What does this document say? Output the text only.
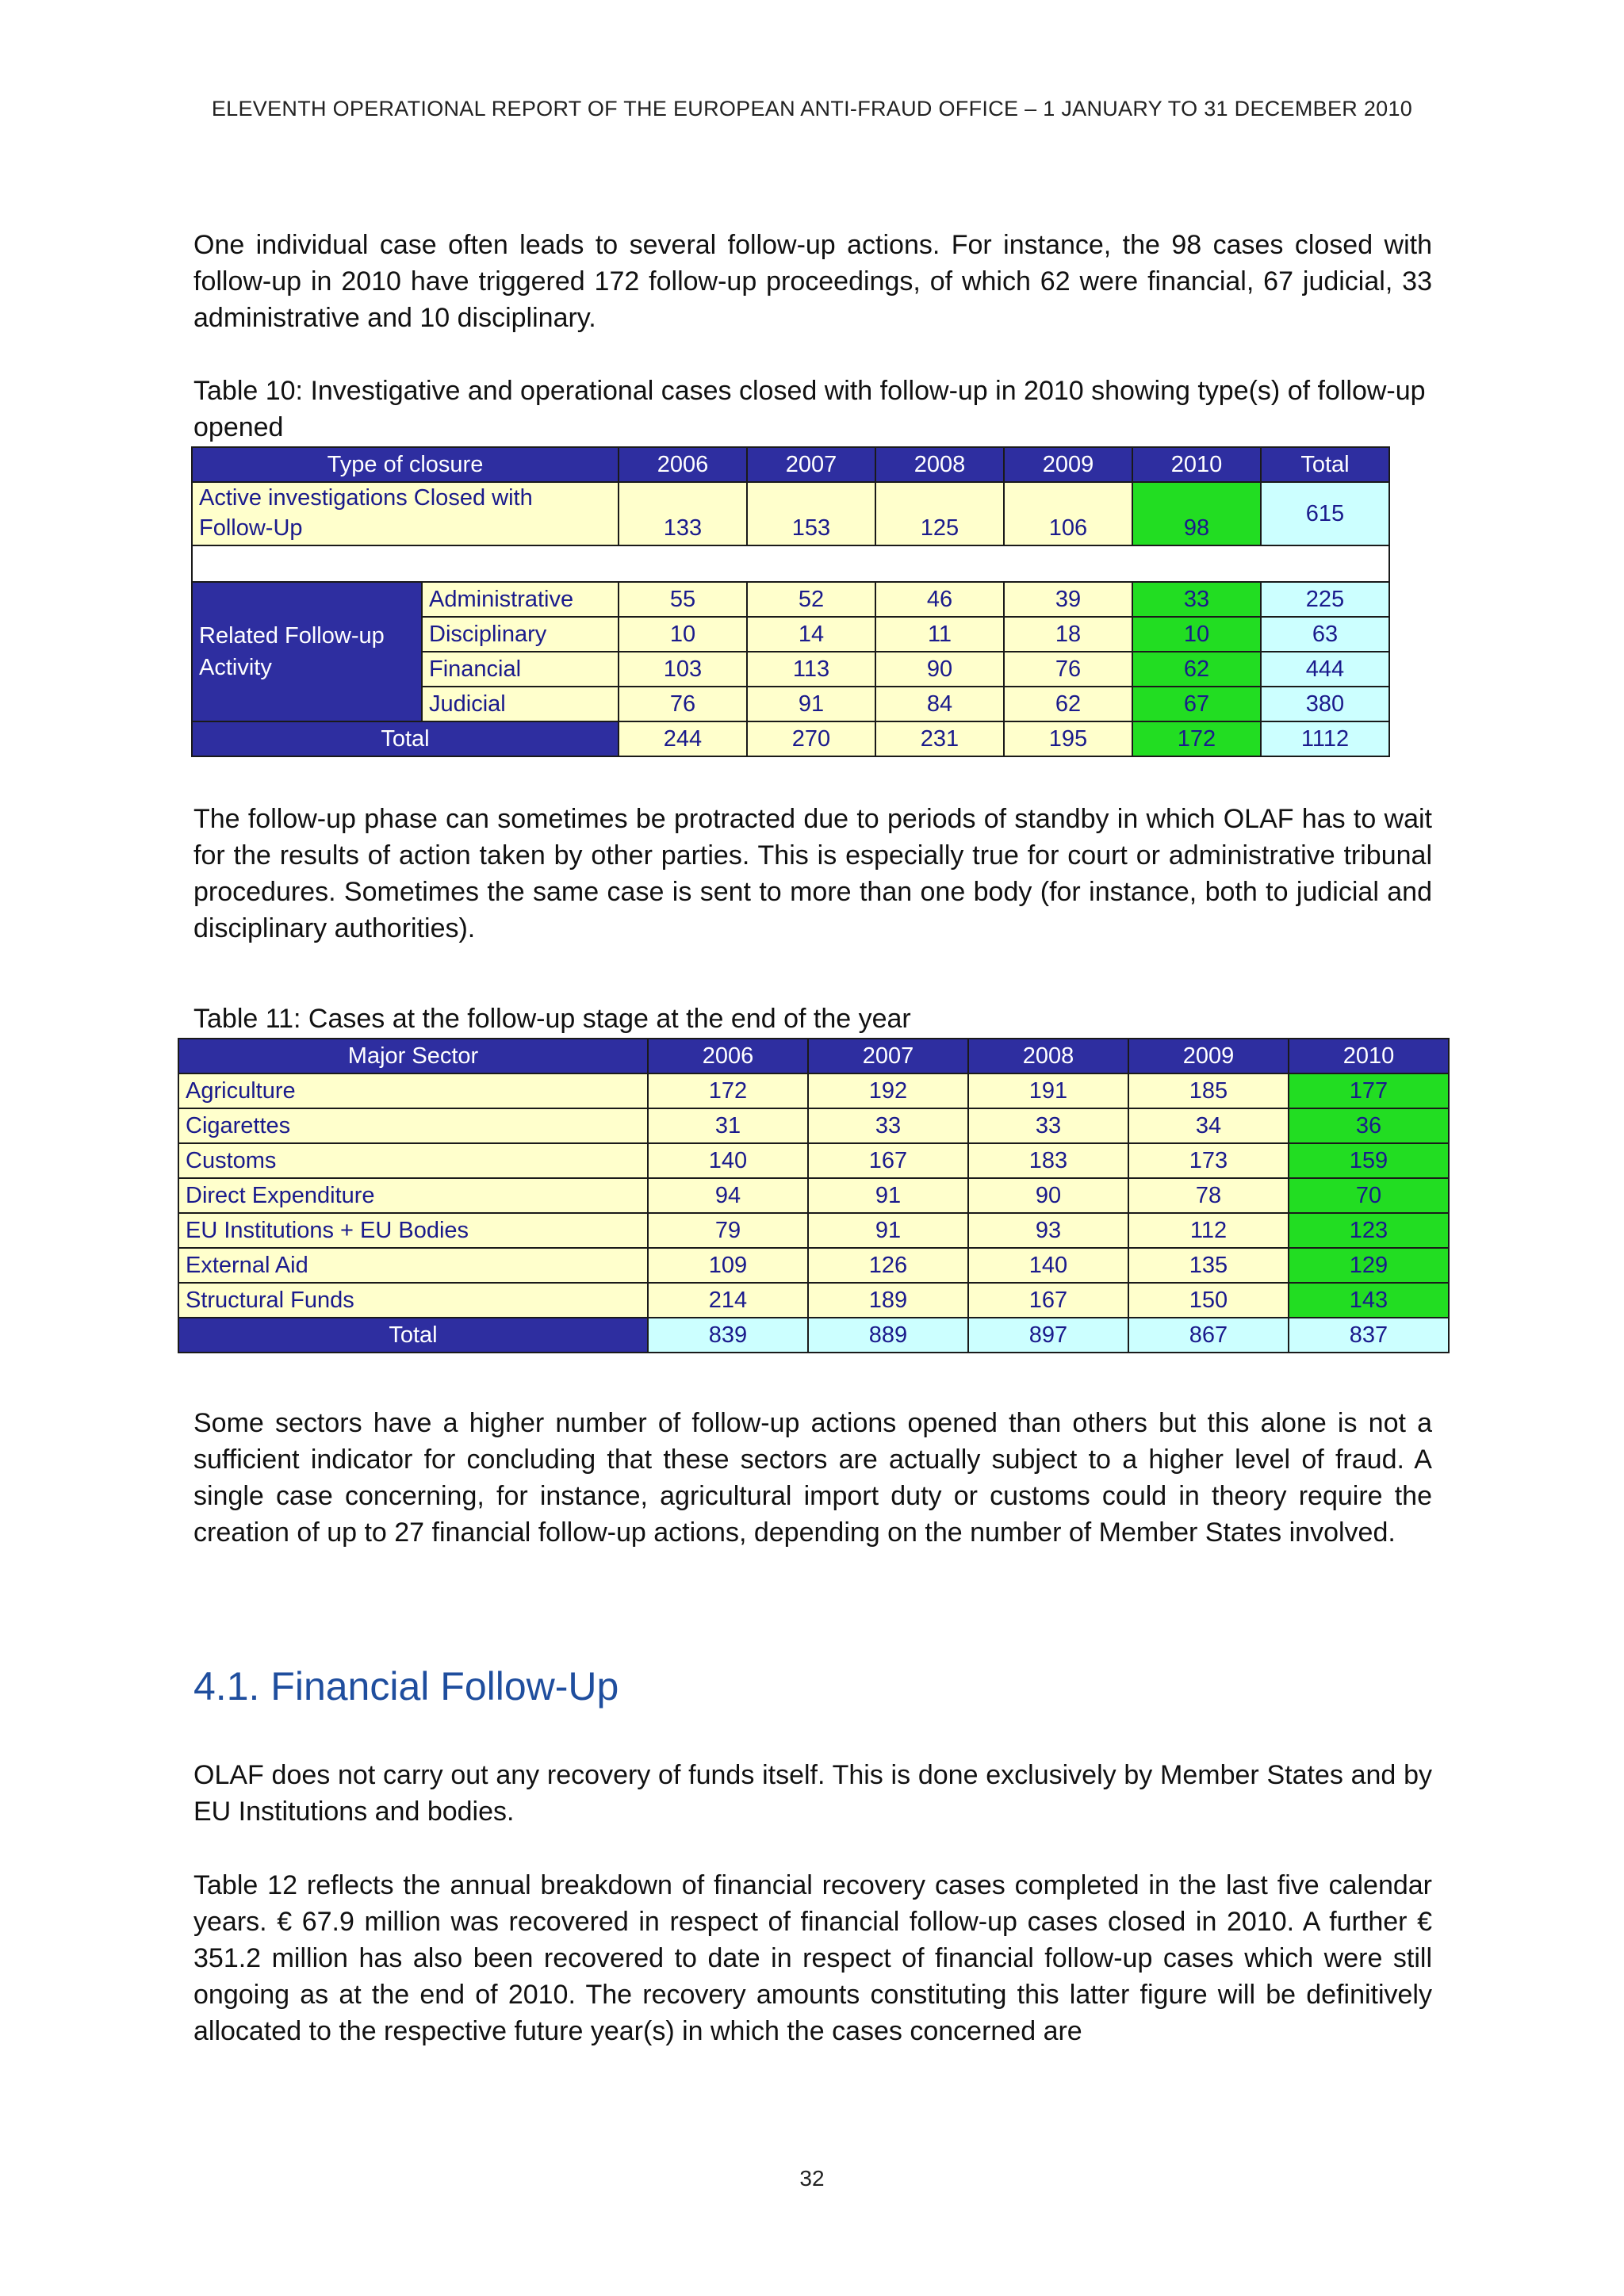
ELEVENTH OPERATIONAL REPORT OF THE EUROPEAN ANTI-FRAUD OFFICE – 1 JANUARY TO 31 DECEMBER 2010

One individual case often leads to several follow-up actions. For instance, the 98 cases closed with follow-up in 2010 have triggered 172 follow-up proceedings, of which 62 were financial, 67 judicial, 33 administrative and 10 disciplinary.

Table 10: Investigative and operational cases closed with follow-up in 2010 showing type(s) of follow-up opened

Type of closure		2006	2007	2008	2009	2010	Total
Active investigations Closed with Follow-Up		133	153	125	106	98	615

Related Follow-up Activity	Administrative	55	52	46	39	33	225
	Disciplinary	10	14	11	18	10	63
	Financial	103	113	90	76	62	444
	Judicial	76	91	84	62	67	380
Total		244	270	231	195	172	1112

The follow-up phase can sometimes be protracted due to periods of standby in which OLAF has to wait for the results of action taken by other parties. This is especially true for court or administrative tribunal procedures. Sometimes the same case is sent to more than one body (for instance, both to judicial and disciplinary authorities).

Table 11: Cases at the follow-up stage at the end of the year

Major Sector	2006	2007	2008	2009	2010
Agriculture	172	192	191	185	177
Cigarettes	31	33	33	34	36
Customs	140	167	183	173	159
Direct Expenditure	94	91	90	78	70
EU Institutions + EU Bodies	79	91	93	112	123
External Aid	109	126	140	135	129
Structural Funds	214	189	167	150	143
Total	839	889	897	867	837

Some sectors have a higher number of follow-up actions opened than others but this alone is not a sufficient indicator for concluding that these sectors are actually subject to a higher level of fraud. A single case concerning, for instance, agricultural import duty or customs could in theory require the creation of up to 27 financial follow-up actions, depending on the number of Member States involved.

4.1. Financial Follow-Up

OLAF does not carry out any recovery of funds itself. This is done exclusively by Member States and by EU Institutions and bodies.

Table 12 reflects the annual breakdown of financial recovery cases completed in the last five calendar years. € 67.9 million was recovered in respect of financial follow-up cases closed in 2010. A further € 351.2 million has also been recovered to date in respect of financial follow-up cases which were still ongoing as at the end of 2010. The recovery amounts constituting this latter figure will be definitively allocated to the respective future year(s) in which the cases concerned are

32
